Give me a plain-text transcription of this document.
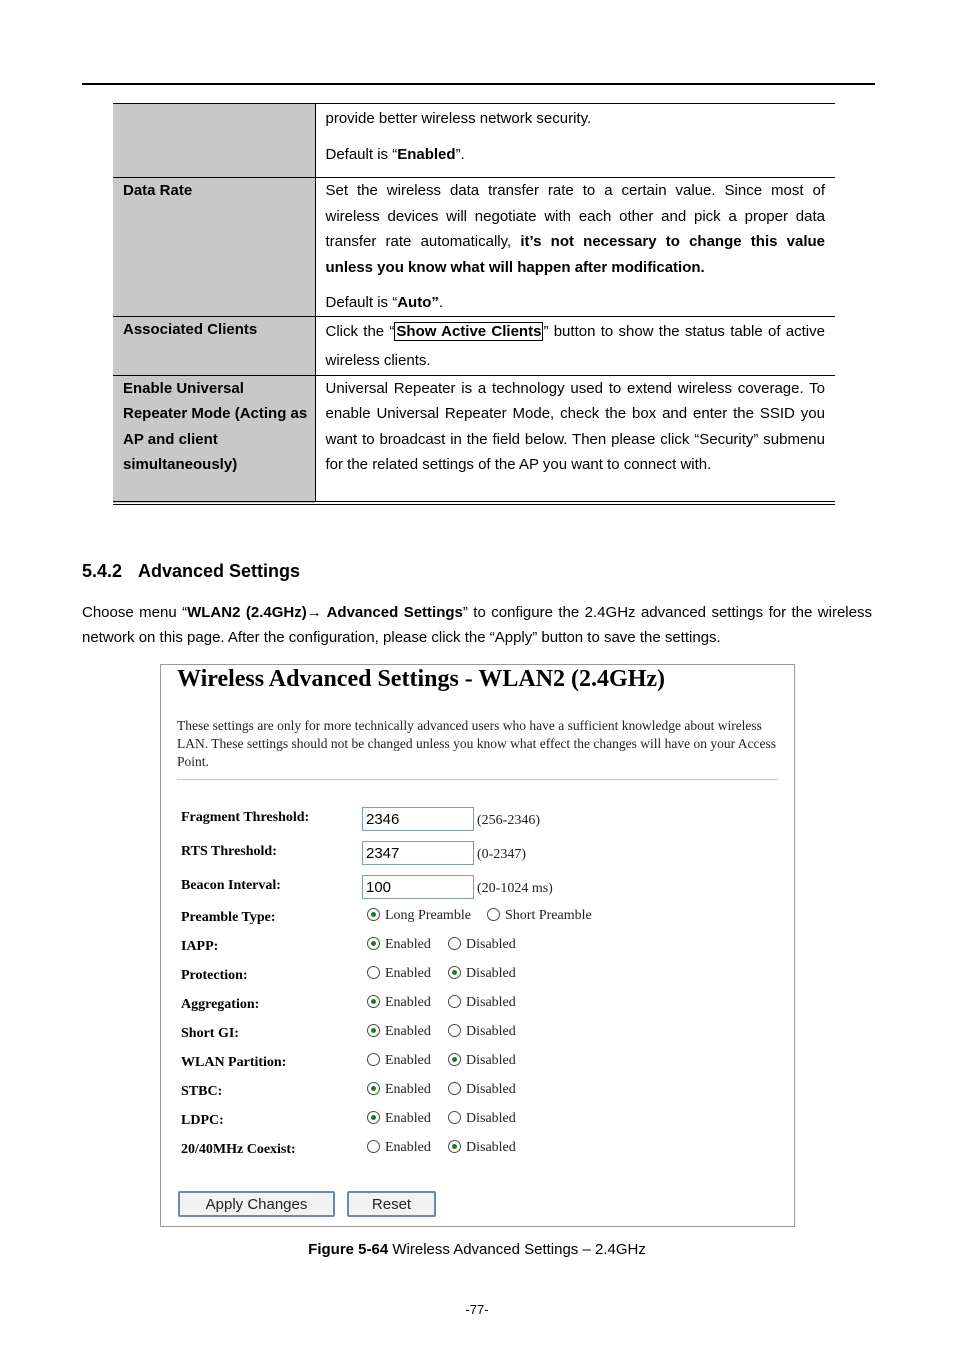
	provide better wireless network security.

Default is “Enabled”.

Data Rate	Set the wireless data transfer rate to a certain value. Since most of wireless devices will negotiate with each other and pick a proper data transfer rate automatically, it’s not necessary to change this value unless you know what will happen after modification.

Default is “Auto”.

Associated Clients	Click the “ Show Active Clients ” button to show the status table of active wireless clients.

Enable Universal Repeater Mode (Acting as AP and client simultaneously)	Universal Repeater is a technology used to extend wireless coverage. To enable Universal Repeater Mode, check the box and enter the SSID you want to broadcast in the field below. Then please click “Security” submenu for the related settings of the AP you want to connect with.
5.4.2 Advanced Settings

Choose menu “WLAN2 (2.4GHz)→ Advanced Settings” to configure the 2.4GHz advanced settings for the wireless network on this page. After the configuration, please click the “Apply” button to save the settings.

Wireless Advanced Settings - WLAN2 (2.4GHz)

These settings are only for more technically advanced users who have a sufficient knowledge about wireless LAN. These settings should not be changed unless you know what effect the changes will have on your Access Point.

Fragment Threshold:
2346	(256-2346)
RTS Threshold:
2347	(0-2347)
Beacon Interval:
100	(20-1024 ms)
Preamble Type:	Long Preamble	Short Preamble
IAPP:	Enabled	Disabled
Protection:	Enabled	Disabled
Aggregation:	Enabled	Disabled
Short GI:	Enabled	Disabled
WLAN Partition:	Enabled	Disabled
STBC:	Enabled	Disabled
LDPC:	Enabled	Disabled
20/40MHz Coexist:	Enabled	Disabled
Apply Changes	Reset

Figure 5-64 Wireless Advanced Settings – 2.4GHz

-77-
